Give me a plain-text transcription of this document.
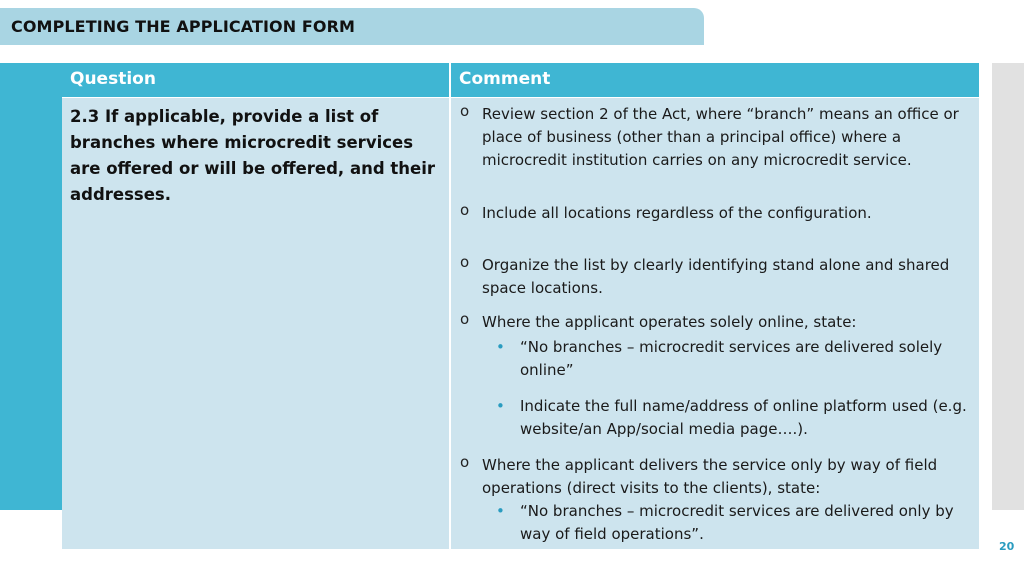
COMPLETING THE APPLICATION FORM
Question	Comment
2.3 If applicable, provide a list of branches where microcredit services are offered or will be offered, and their addresses.
o Review section 2 of the Act, where “branch” means an office or place of business (other than a principal office) where a microcredit institution carries on any microcredit service.
o Include all locations regardless of the configuration.
o Organize the list by clearly identifying stand alone and shared space locations.
o Where the applicant operates solely online, state:
• “No branches – microcredit services are delivered solely online”
• Indicate the full name/address of online platform used (e.g. website/an App/social media page….).
o Where the applicant delivers the service only by way of field operations (direct visits to the clients), state:
• “No branches – microcredit services are delivered only by way of field operations”.
20
